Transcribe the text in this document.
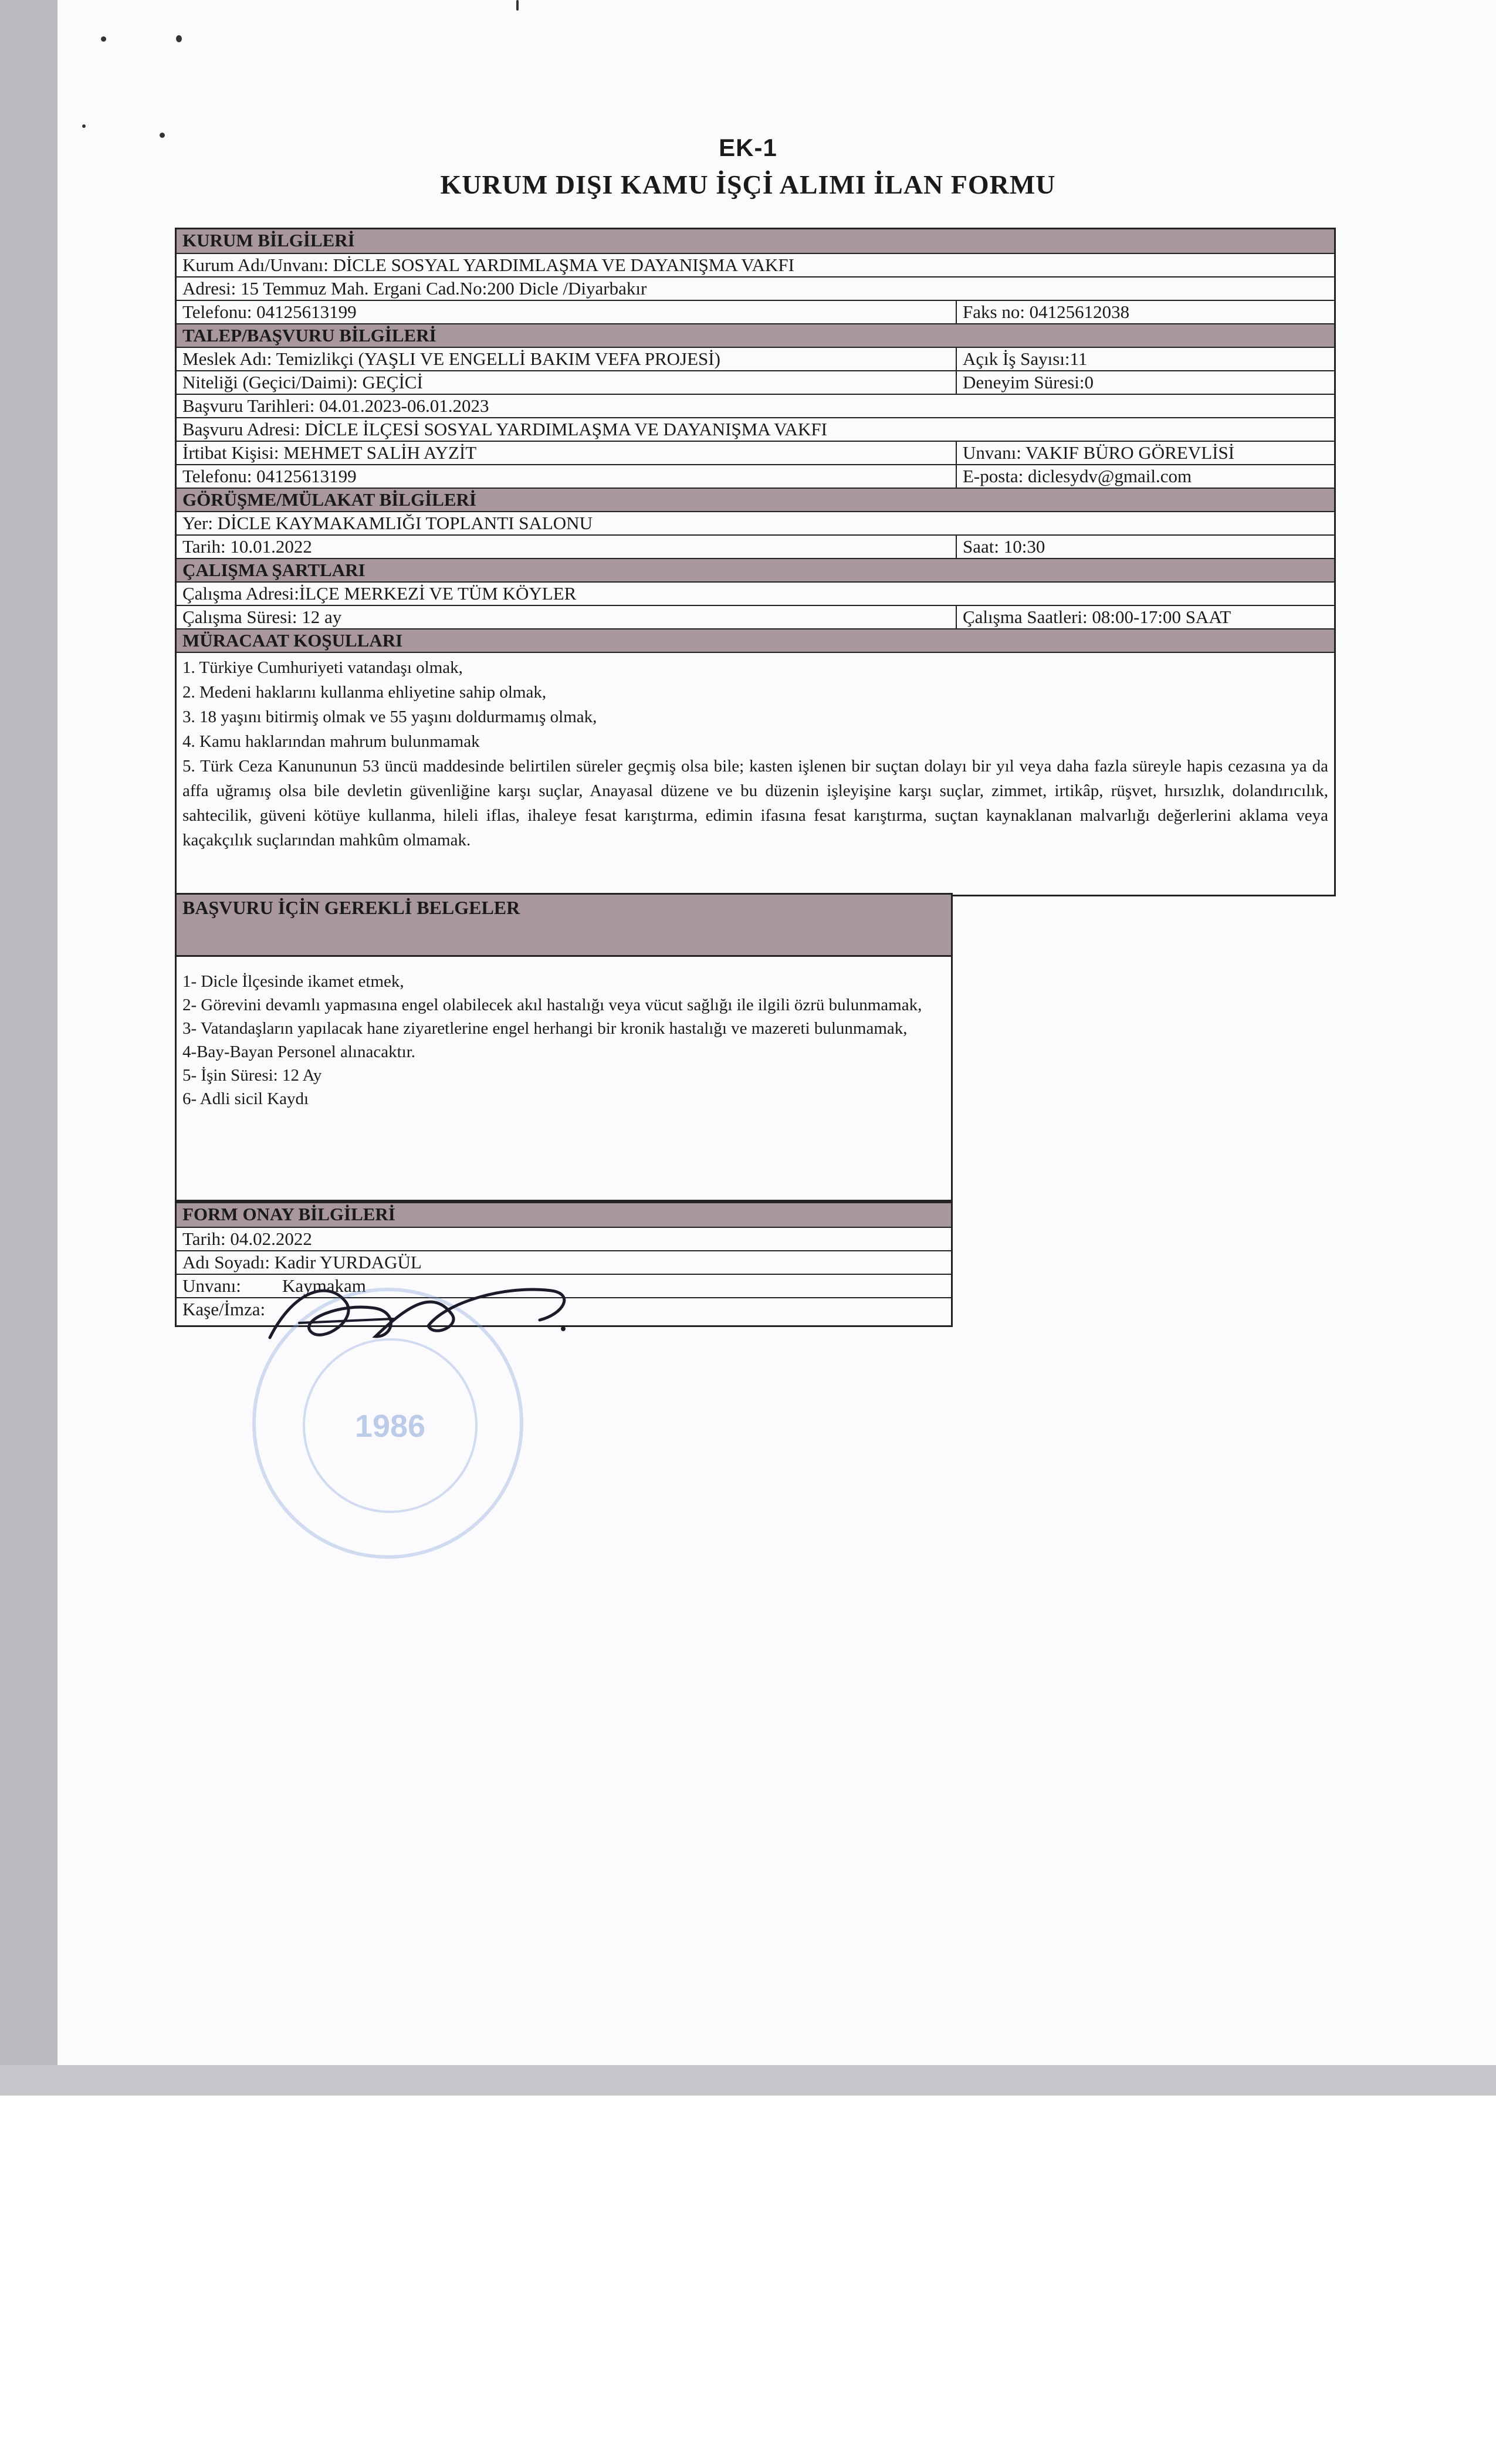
EK-1
KURUM DIŞI KAMU İŞÇİ ALIMI İLAN FORMU
KURUM BİLGİLERİ
Kurum Adı/Unvanı: DİCLE SOSYAL YARDIMLAŞMA VE DAYANIŞMA VAKFI
Adresi: 15 Temmuz Mah. Ergani Cad.No:200 Dicle /Diyarbakır
Telefonu: 04125613199	Faks no: 04125612038
TALEP/BAŞVURU BİLGİLERİ
Meslek Adı: Temizlikçi (YAŞLI VE ENGELLİ BAKIM VEFA PROJESİ)	Açık İş Sayısı:11
Niteliği (Geçici/Daimi): GEÇİCİ	Deneyim Süresi:0
Başvuru Tarihleri: 04.01.2023-06.01.2023
Başvuru Adresi: DİCLE İLÇESİ SOSYAL YARDIMLAŞMA VE DAYANIŞMA VAKFI
İrtibat Kişisi: MEHMET SALİH AYZİT	Unvanı: VAKIF BÜRO GÖREVLİSİ
Telefonu: 04125613199	E-posta: diclesydv@gmail.com
GÖRÜŞME/MÜLAKAT BİLGİLERİ
Yer: DİCLE KAYMAKAMLIĞI TOPLANTI SALONU
Tarih: 10.01.2022	Saat: 10:30
ÇALIŞMA ŞARTLARI
Çalışma Adresi:İLÇE MERKEZİ VE TÜM KÖYLER
Çalışma Süresi: 12 ay	Çalışma Saatleri: 08:00-17:00 SAAT
MÜRACAAT KOŞULLARI

1. Türkiye Cumhuriyeti vatandaşı olmak,

2. Medeni haklarını kullanma ehliyetine sahip olmak,

3. 18 yaşını bitirmiş olmak ve 55 yaşını doldurmamış olmak,

4. Kamu haklarından mahrum bulunmamak

5. Türk Ceza Kanununun 53 üncü maddesinde belirtilen süreler geçmiş olsa bile; kasten işlenen bir suçtan dolayı bir yıl veya daha fazla süreyle hapis cezasına ya da affa uğramış olsa bile devletin güvenliğine karşı suçlar, Anayasal düzene ve bu düzenin işleyişine karşı suçlar, zimmet, irtikâp, rüşvet, hırsızlık, dolandırıcılık, sahtecilik, güveni kötüye kullanma, hileli iflas, ihaleye fesat karıştırma, edimin ifasına fesat karıştırma, suçtan kaynaklanan malvarlığı değerlerini aklama veya kaçakçılık suçlarından mahkûm olmamak.

BAŞVURU İÇİN GEREKLİ BELGELER

1- Dicle İlçesinde ikamet etmek,

2- Görevini devamlı yapmasına engel olabilecek akıl hastalığı veya vücut sağlığı ile ilgili özrü bulunmamak,

3- Vatandaşların yapılacak hane ziyaretlerine engel herhangi bir kronik hastalığı ve mazereti bulunmamak,

4-Bay-Bayan Personel alınacaktır.

5- İşin Süresi: 12 Ay

6- Adli sicil Kaydı

FORM ONAY BİLGİLERİ
Tarih: 04.02.2022
Adı Soyadı: Kadir YURDAGÜL
Unvanı:	Kaymakam
Kaşe/İmza:
1986
